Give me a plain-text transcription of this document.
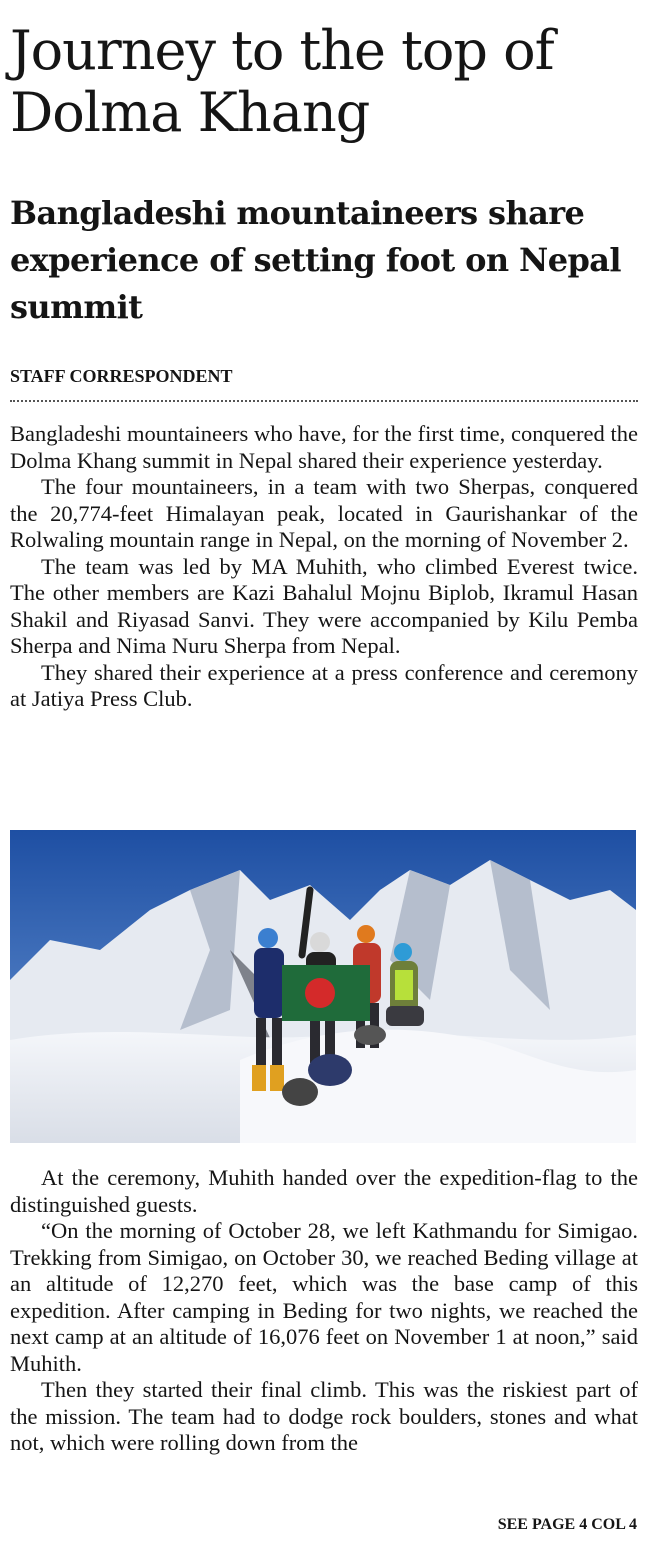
Journey to the top of Dolma Khang
Bangladeshi mountaineers share experience of setting foot on Nepal summit
STAFF CORRESPONDENT

Bangladeshi mountaineers who have, for the first time, conquered the Dolma Khang summit in Nepal shared their experience yesterday.

The four mountaineers, in a team with two Sherpas, conquered the 20,774-feet Himalayan peak, located in Gaurishankar of the Rolwaling mountain range in Nepal, on the morning of November 2.

The team was led by MA Muhith, who climbed Everest twice. The other members are Kazi Bahalul Mojnu Biplob, Ikramul Hasan Shakil and Riyasad Sanvi. They were accompanied by Kilu Pemba Sherpa and Nima Nuru Sherpa from Nepal.

They shared their experience at a press conference and ceremony at Jatiya Press Club.

At the ceremony, Muhith handed over the expedition-flag to the distinguished guests.

“On the morning of October 28, we left Kathmandu for Simigao. Trekking from Simigao, on October 30, we reached Beding village at an altitude of 12,270 feet, which was the base camp of this expedition. After camping in Beding for two nights, we reached the next camp at an altitude of 16,076 feet on November 1 at noon,” said Muhith.

Then they started their final climb. This was the riskiest part of the mission. The team had to dodge rock boulders, stones and what not, which were rolling down from the

SEE PAGE 4 COL 4
